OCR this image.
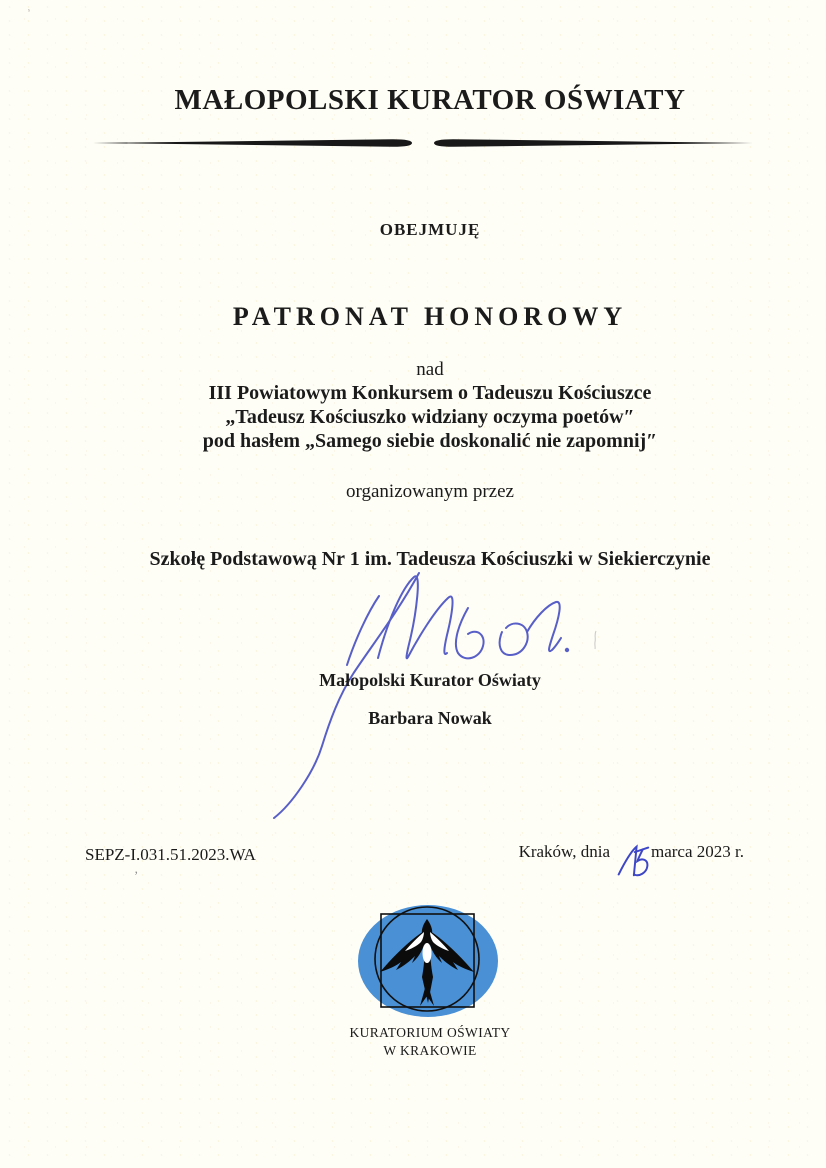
ˢ
’
MAŁOPOLSKI KURATOR OŚWIATY
OBEJMUJĘ
PATRONAT HONOROWY
nad
III Powiatowym Konkursem o Tadeuszu Kościuszce
„Tadeusz Kościuszko widziany oczyma poetów″
pod hasłem „Samego siebie doskonalić nie zapomnij″
organizowanym przez
Szkołę Podstawową Nr 1 im. Tadeusza Kościuszki w Siekierczynie
Małopolski Kurator Oświaty
Barbara Nowak
SEPZ-I.031.51.2023.WA	Kraków, dnia marca 2023 r.
KURATORIUM OŚWIATY
W KRAKOWIE
